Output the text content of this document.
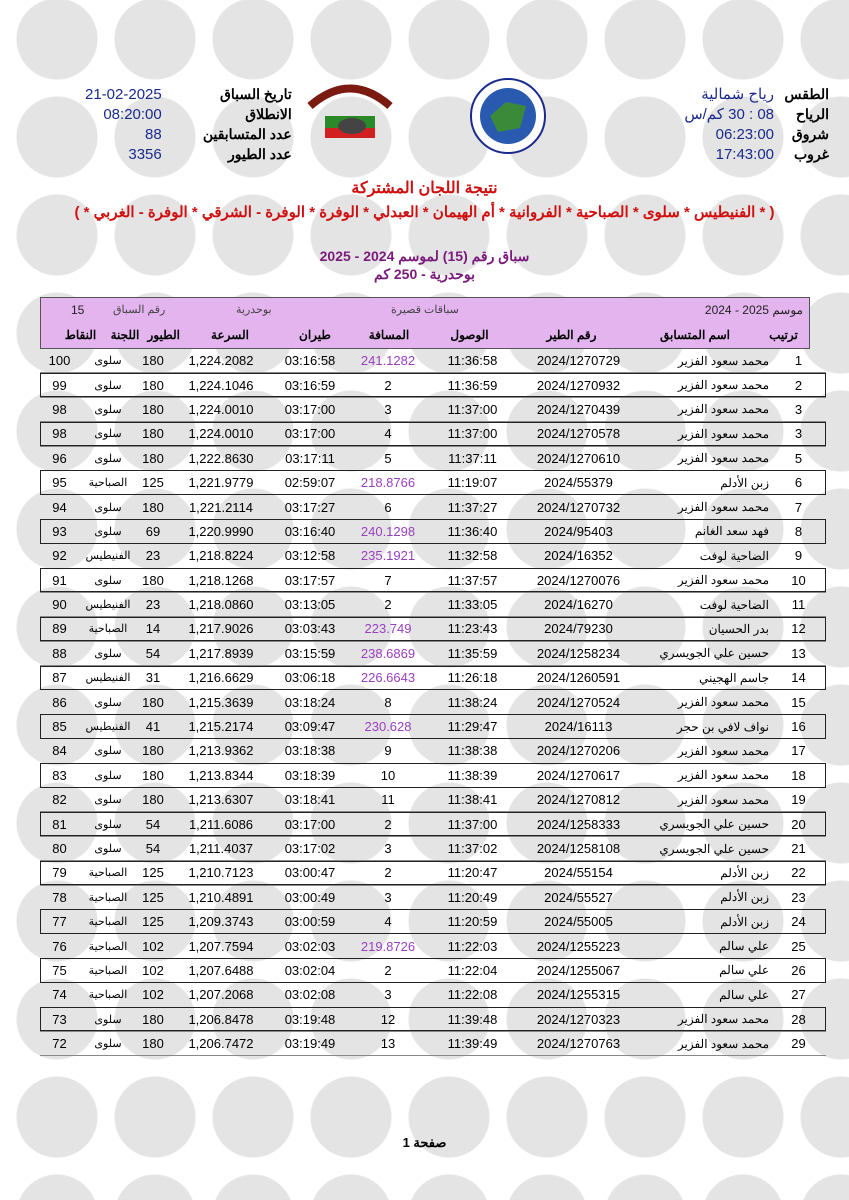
الطقس
رياح شمالية
الرياح
08 : 30 كم/س
شروق
06:23:00
غروب
17:43:00
تاريخ السباق
21-02-2025
الانطلاق
08:20:00
عدد المتسابقين
88
عدد الطيور
3356
نتيجة اللجان المشتركة
( * الفنيطيس * سلوى * الصباحية * الفروانية * أم الهيمان * العبدلي * الوفرة * الوفرة - الشرقي * الوفرة - الغربي * )
سباق رقم (15) لموسم 2024 - 2025
بوحدرية - 250 كم
موسم 2025 - 2024
سباقات قصيرة
بوحدرية
رقم السباق
15
ترتيب
اسم المتسابق
رقم الطير
الوصول
المسافة
طيران
السرعة
الطيور
اللجنة
النقاط
1	محمد سعود الفزير	2024/1270729	11:36:58	241.1282	03:16:58	1,224.2082	180	سلوى	100
2	محمد سعود الفزير	2024/1270932	11:36:59	2	03:16:59	1,224.1046	180	سلوى	99
3	محمد سعود الفزير	2024/1270439	11:37:00	3	03:17:00	1,224.0010	180	سلوى	98
3	محمد سعود الفزير	2024/1270578	11:37:00	4	03:17:00	1,224.0010	180	سلوى	98
5	محمد سعود الفزير	2024/1270610	11:37:11	5	03:17:11	1,222.8630	180	سلوى	96
6	زبن الأدلم	2024/55379	11:19:07	218.8766	02:59:07	1,221.9779	125	الصباحية	95
7	محمد سعود الفزير	2024/1270732	11:37:27	6	03:17:27	1,221.2114	180	سلوى	94
8	فهد سعد الغانم	2024/95403	11:36:40	240.1298	03:16:40	1,220.9990	69	سلوى	93
9	الضاحية لوفت	2024/16352	11:32:58	235.1921	03:12:58	1,218.8224	23	الفنيطيس	92
10	محمد سعود الفزير	2024/1270076	11:37:57	7	03:17:57	1,218.1268	180	سلوى	91
11	الضاحية لوفت	2024/16270	11:33:05	2	03:13:05	1,218.0860	23	الفنيطيس	90
12	بدر الحسيان	2024/79230	11:23:43	223.749	03:03:43	1,217.9026	14	الصباحية	89
13	حسين علي الجويسري	2024/1258234	11:35:59	238.6869	03:15:59	1,217.8939	54	سلوى	88
14	جاسم الهجيني	2024/1260591	11:26:18	226.6643	03:06:18	1,216.6629	31	الفنيطيس	87
15	محمد سعود الفزير	2024/1270524	11:38:24	8	03:18:24	1,215.3639	180	سلوى	86
16	نواف لافي بن حجر	2024/16113	11:29:47	230.628	03:09:47	1,215.2174	41	الفنيطيس	85
17	محمد سعود الفزير	2024/1270206	11:38:38	9	03:18:38	1,213.9362	180	سلوى	84
18	محمد سعود الفزير	2024/1270617	11:38:39	10	03:18:39	1,213.8344	180	سلوى	83
19	محمد سعود الفزير	2024/1270812	11:38:41	11	03:18:41	1,213.6307	180	سلوى	82
20	حسين علي الجويسري	2024/1258333	11:37:00	2	03:17:00	1,211.6086	54	سلوى	81
21	حسين علي الجويسري	2024/1258108	11:37:02	3	03:17:02	1,211.4037	54	سلوى	80
22	زبن الأدلم	2024/55154	11:20:47	2	03:00:47	1,210.7123	125	الصباحية	79
23	زبن الأدلم	2024/55527	11:20:49	3	03:00:49	1,210.4891	125	الصباحية	78
24	زبن الأدلم	2024/55005	11:20:59	4	03:00:59	1,209.3743	125	الصباحية	77
25	علي سالم	2024/1255223	11:22:03	219.8726	03:02:03	1,207.7594	102	الصباحية	76
26	علي سالم	2024/1255067	11:22:04	2	03:02:04	1,207.6488	102	الصباحية	75
27	علي سالم	2024/1255315	11:22:08	3	03:02:08	1,207.2068	102	الصباحية	74
28	محمد سعود الفزير	2024/1270323	11:39:48	12	03:19:48	1,206.8478	180	سلوى	73
29	محمد سعود الفزير	2024/1270763	11:39:49	13	03:19:49	1,206.7472	180	سلوى	72
صفحة 1
